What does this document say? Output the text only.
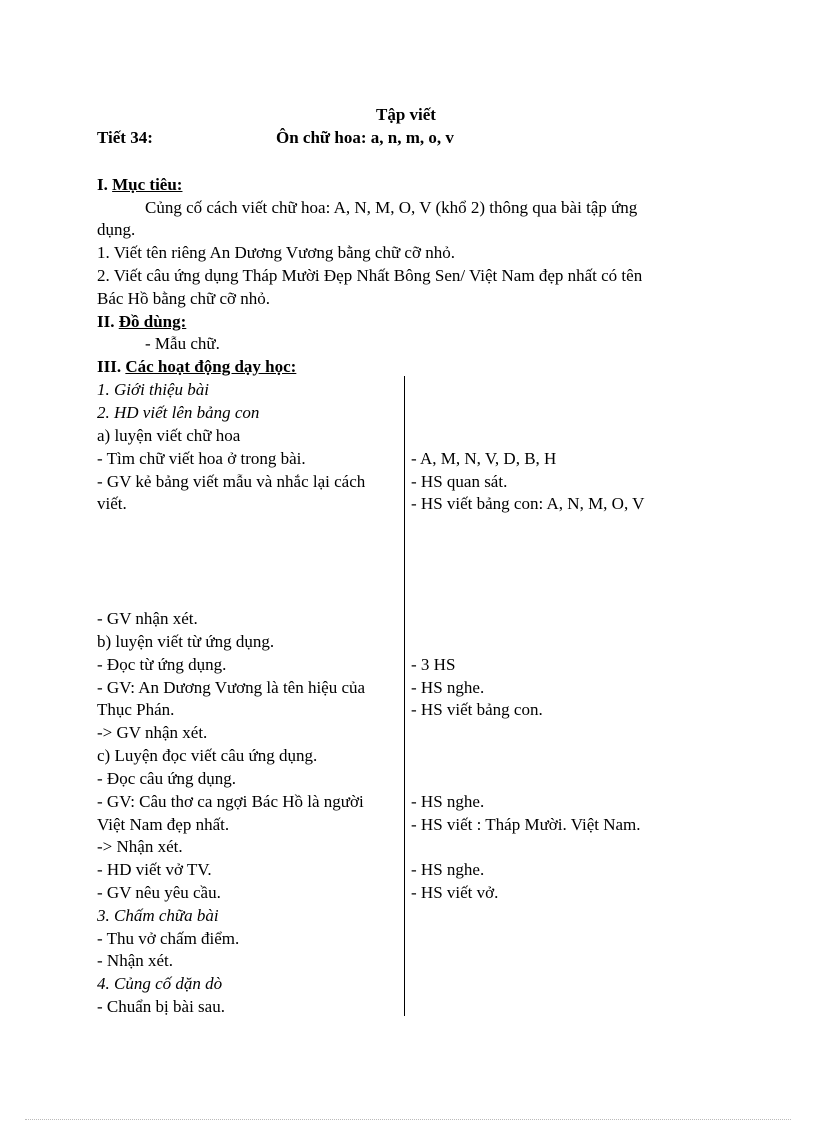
Tập viết
Tiết 34:	Ôn chữ hoa: a, n, m, o, v
I. Mục tiêu:
Củng cố cách viết chữ hoa: A, N, M, O, V (khổ 2) thông qua bài tập ứng
dụng.
1. Viết tên riêng An Dương Vương bằng chữ cỡ nhỏ.
2. Viết câu ứng dụng Tháp Mười Đẹp Nhất Bông Sen/ Việt Nam đẹp nhất có tên
Bác Hồ bằng chữ cỡ nhỏ.
II. Đồ dùng:
- Mẫu chữ.
III. Các hoạt động dạy học:
1. Giới thiệu bài
2. HD viết lên bảng con
a) luyện viết chữ hoa
- Tìm chữ viết hoa ở trong bài.
- GV kẻ bảng viết mẫu và nhắc lại cách
viết.
- GV nhận xét.
b) luyện viết từ ứng dụng.
- Đọc từ ứng dụng.
- GV: An Dương Vương là tên hiệu của
Thục Phán.
-> GV nhận xét.
c) Luyện đọc viết câu ứng dụng.
- Đọc câu ứng dụng.
- GV: Câu thơ ca ngợi Bác Hồ là người
Việt Nam đẹp nhất.
-> Nhận xét.
- HD viết vở TV.
- GV nêu yêu cầu.
3. Chấm chữa bài
- Thu vở chấm điểm.
- Nhận xét.
4. Củng cố dặn dò
- Chuẩn bị bài sau.
- A, M, N, V, D, B, H
- HS quan sát.
- HS viết bảng con: A, N, M, O, V
- 3 HS
- HS nghe.
- HS viết bảng con.
- HS nghe.
- HS viết : Tháp Mười. Việt Nam.
- HS nghe.
- HS viết vở.
